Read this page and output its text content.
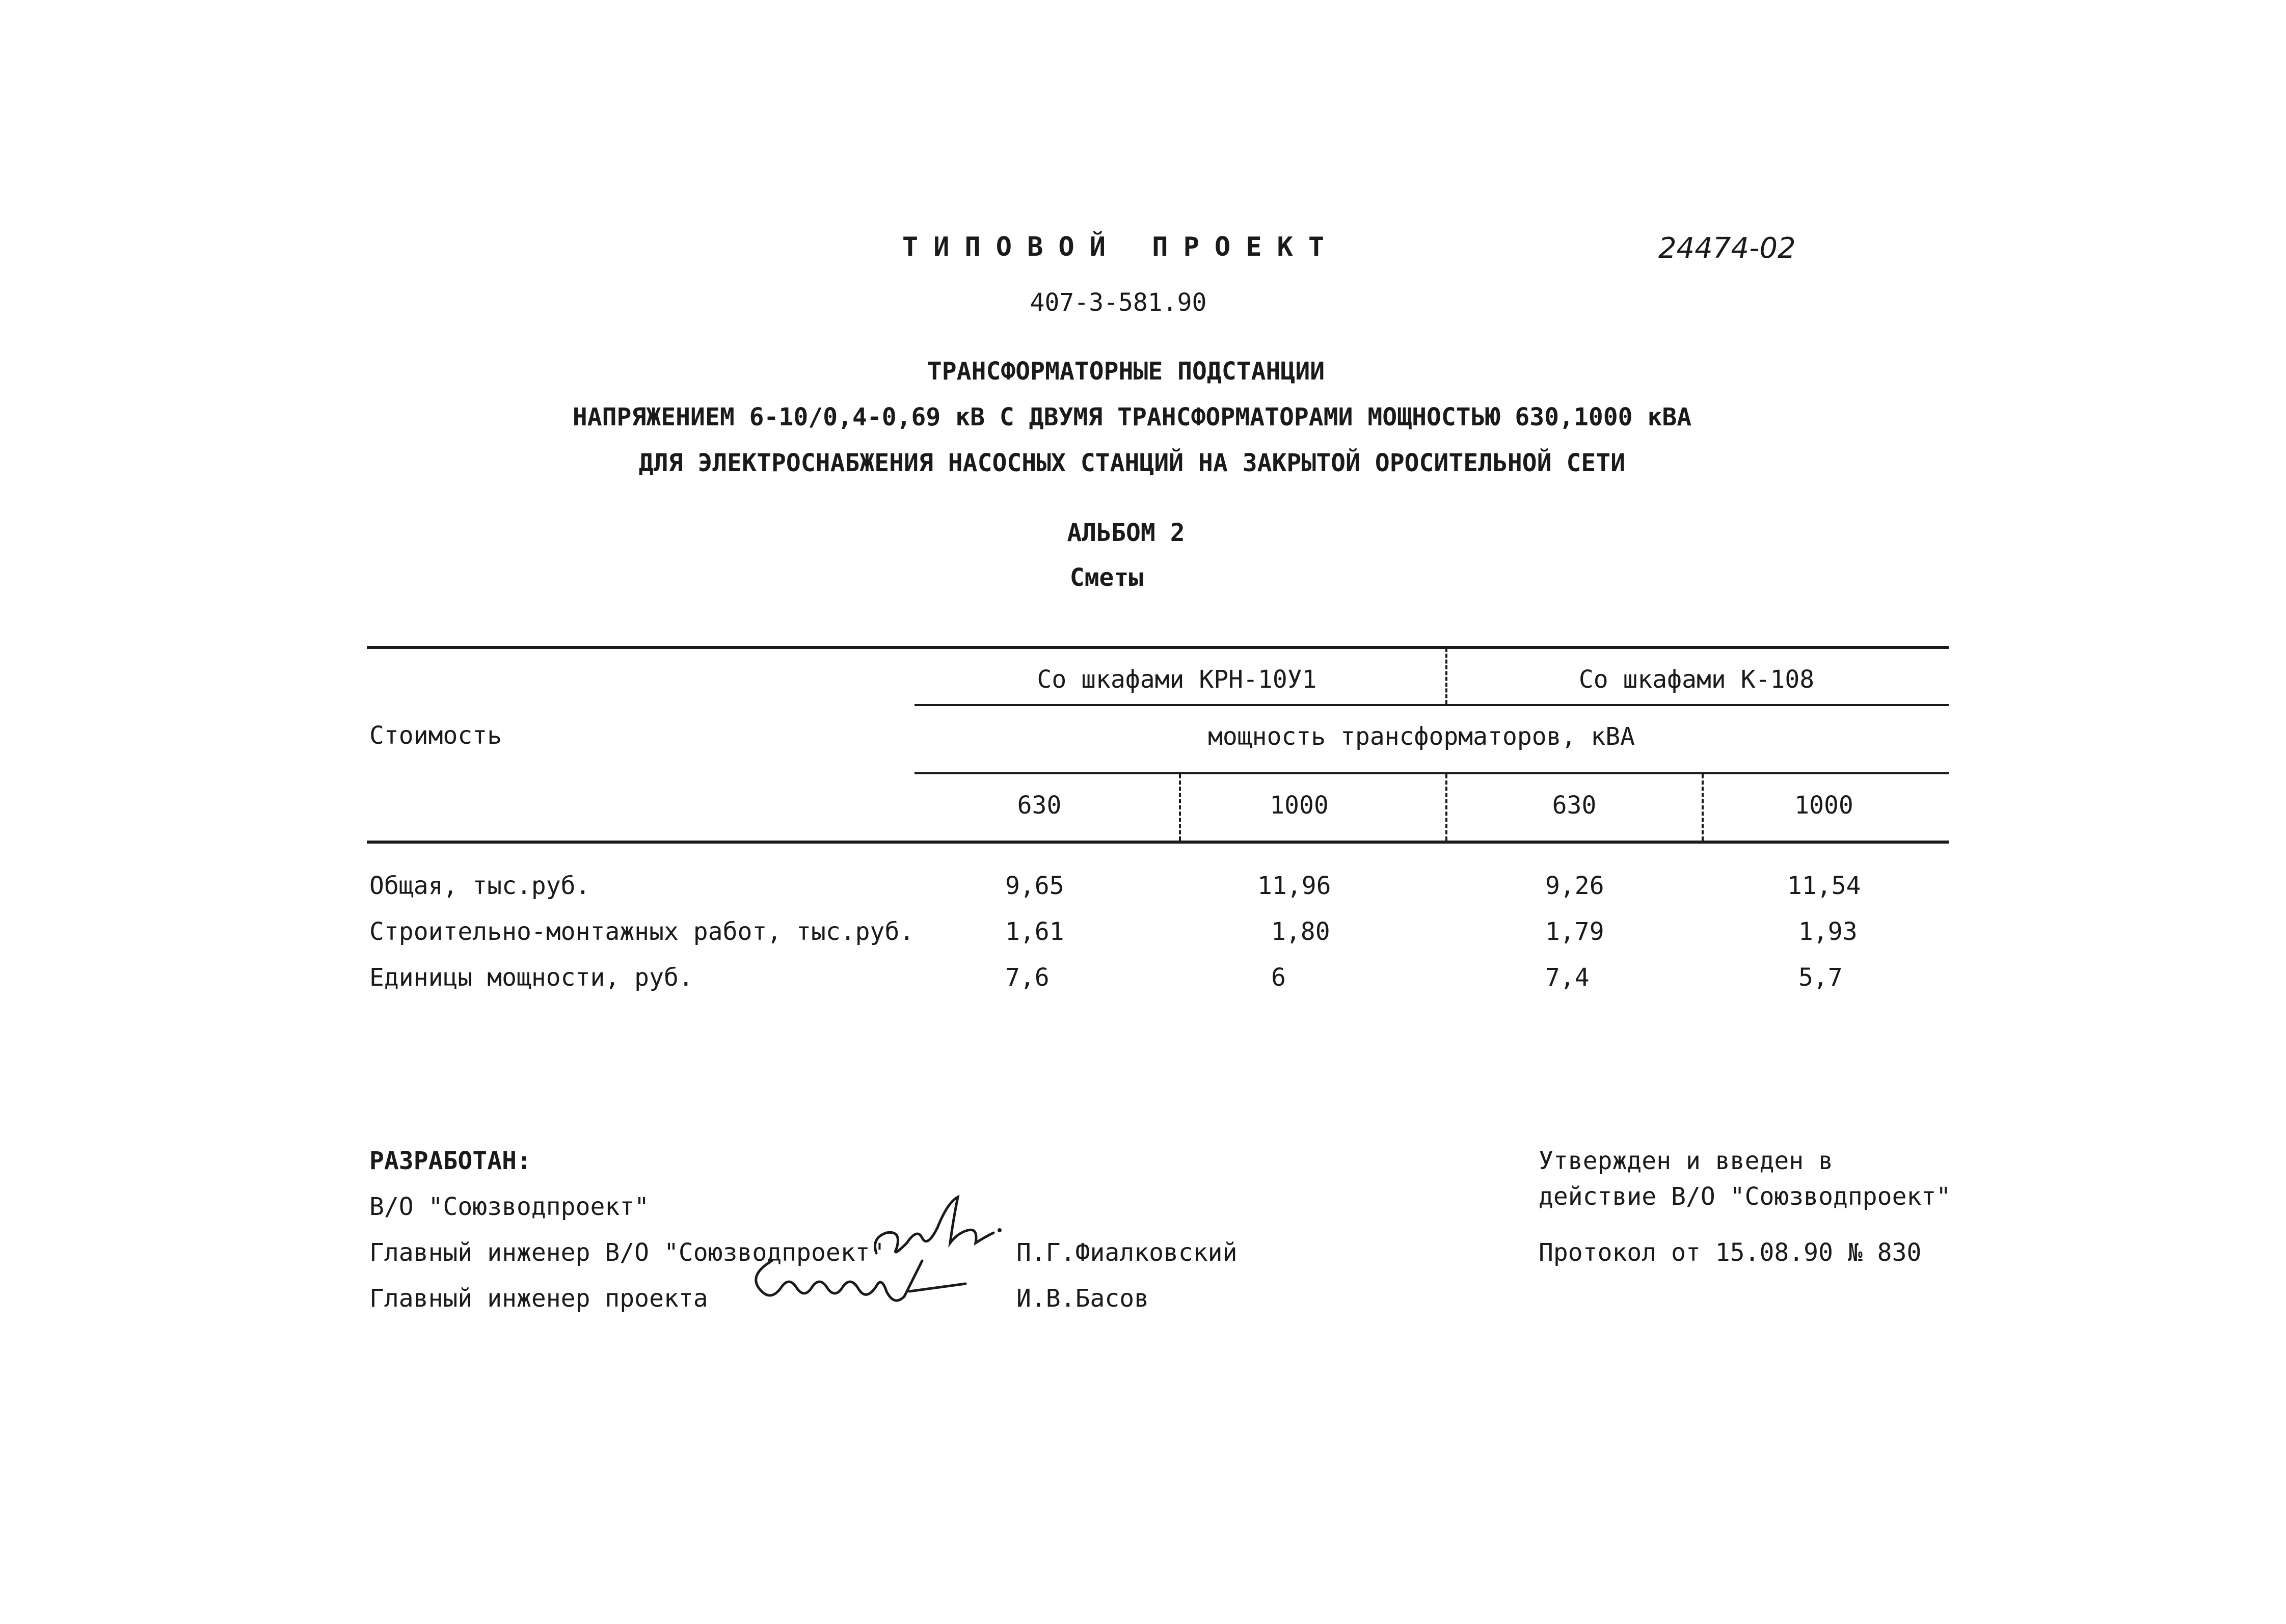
ТИПОВОЙ ПРОЕКТ	24474-02
407-3-581.90
ТРАНСФОРМАТОРНЫЕ ПОДСТАНЦИИ
НАПРЯЖЕНИЕМ 6-10/0,4-0,69 кВ С ДВУМЯ ТРАНСФОРМАТОРАМИ МОЩНОСТЬЮ 630,1000 кВА
ДЛЯ ЭЛЕКТРОСНАБЖЕНИЯ НАСОСНЫХ СТАНЦИЙ НА ЗАКРЫТОЙ ОРОСИТЕЛЬНОЙ СЕТИ
АЛЬБОМ 2
Сметы
Стоимость
Со шкафами КРН-10У1	Со шкафами К-108
мощность трансформаторов, кВА
630	1000	630	1000
Общая, тыс.руб.	9,65	11,96	9,26	11,54
Строительно-монтажных работ, тыс.руб.	1,61	1,80	1,79	1,93
Единицы мощности, руб.	7,6	6	7,4	5,7
РАЗРАБОТАН:
В/О "Союзводпроект"
Главный инженер В/О "Союзводпроект"	П.Г.Фиалковский
Главный инженер проекта	И.В.Басов
Утвержден и введен в
действие В/О "Союзводпроект"
Протокол от 15.08.90 № 830
